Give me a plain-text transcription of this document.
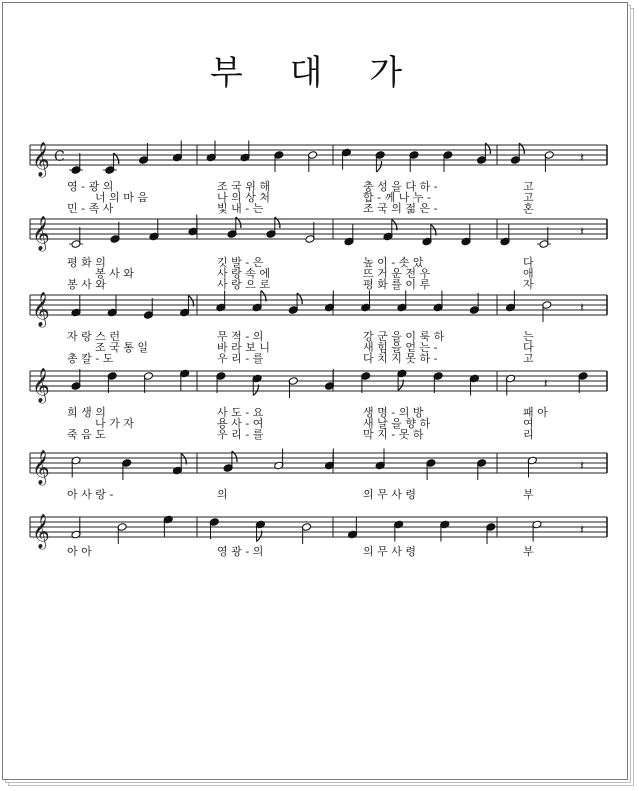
부 대 가
𝄞 C	𝄽
𝄞	𝄽
𝄞	𝄽
𝄞	𝄽
𝄞	𝄽
𝄞	𝄽
영 - 광 의
너 의 마 음
민 - 족 사
조 국 위 해
나 의 상 처
빛 내 - 는
충 성 을 다 하 -
합 - 께 나 누 -
조 국 의 젊 은 -
고
고
혼
평 화 의
봉 사 와
봉 사 와
깃 발 - 은
사 랑 속 에
사 랑 으 로
높 이 - 솟 았
뜨 거 운 전 우
평 화 를 이 루
다
애
자
자 랑 스 런
조 국 통 일
총 칼 - 도
무 적 - 의
바 라 보 니
우 리 - 를
강 군 을 이 룩 하
새 힘 을 얻 는 -
다 치 지 못 하 -
는
다
고
희 생 의
나 가 자
죽 음 도
사 도 - 요
용 사 - 여
우 리 - 를
생 명 - 의 방
새 날 을 향 하
막 지 - 못 하
패 아
여
리
아 사 랑 -	의	의 무 사 령	부
아 아	영 광 - 의	의 무 사 령	부
